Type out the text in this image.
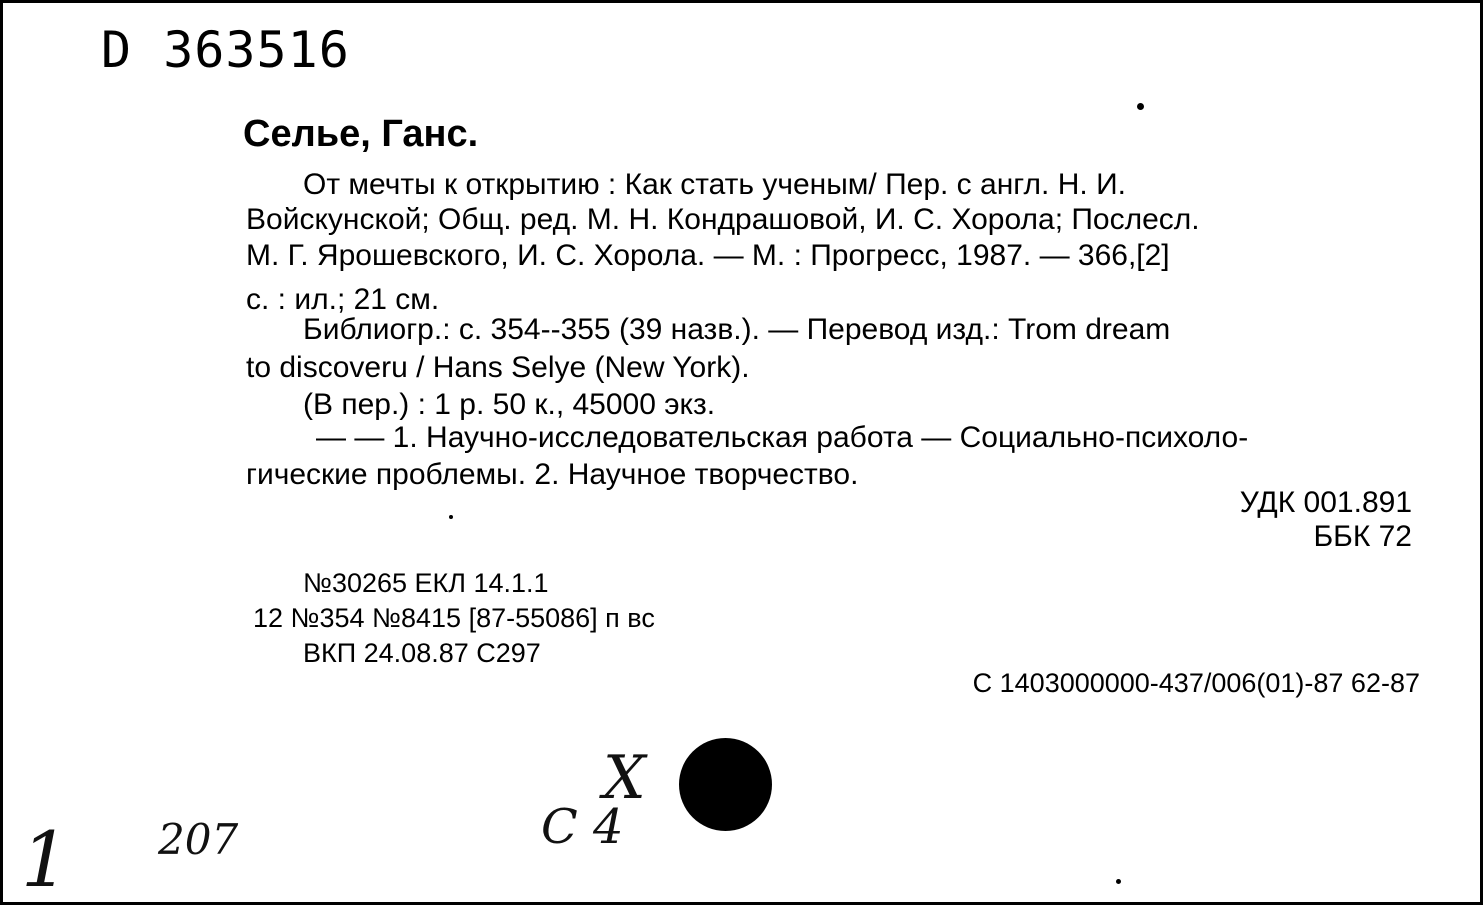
D 363516
Селье, Ганс.
От мечты к открытию : Как стать ученым/ Пер. с англ. Н. И.
Войскунской; Общ. ред. М. Н. Кондрашовой, И. С. Хорола; Послесл.
М. Г. Ярошевского, И. С. Хорола. — М. : Прогресс, 1987. — 366,[2]
с. : ил.; 21 см.
Библиогр.: с. 354--355 (39 назв.). — Перевод изд.: Trom dream
to discoveru / Hans Selye (New York).
(В пер.) : 1 р. 50 к., 45000 экз.
— — 1. Научно-исследовательская работа — Социально-психоло-
гические проблемы. 2. Научное творчество.
УДК 001.891
ББК 72
№30265 ЕКЛ 14.1.1
12 №354 №8415 [87-55086] п вс
ВКП 24.08.87 С297
С 1403000000-437/006(01)-87 62-87
1 207	С 4
Х
